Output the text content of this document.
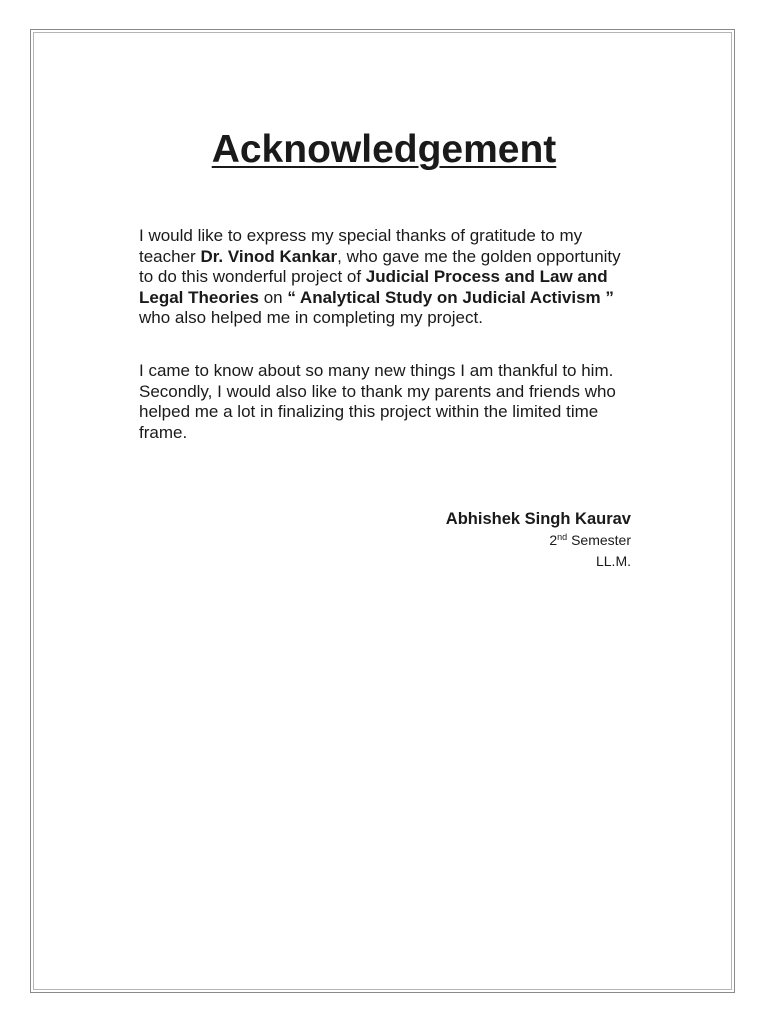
Acknowledgement

I would like to express my special thanks of gratitude to my teacher Dr. Vinod Kankar, who gave me the golden opportunity to do this wonderful project of Judicial Process and Law and Legal Theories on “ Analytical Study on Judicial Activism ” who also helped me in completing my project.

I came to know about so many new things I am thankful to him. Secondly, I would also like to thank my parents and friends who helped me a lot in finalizing this project within the limited time frame.

Abhishek Singh Kaurav
2nd Semester
LL.M.
